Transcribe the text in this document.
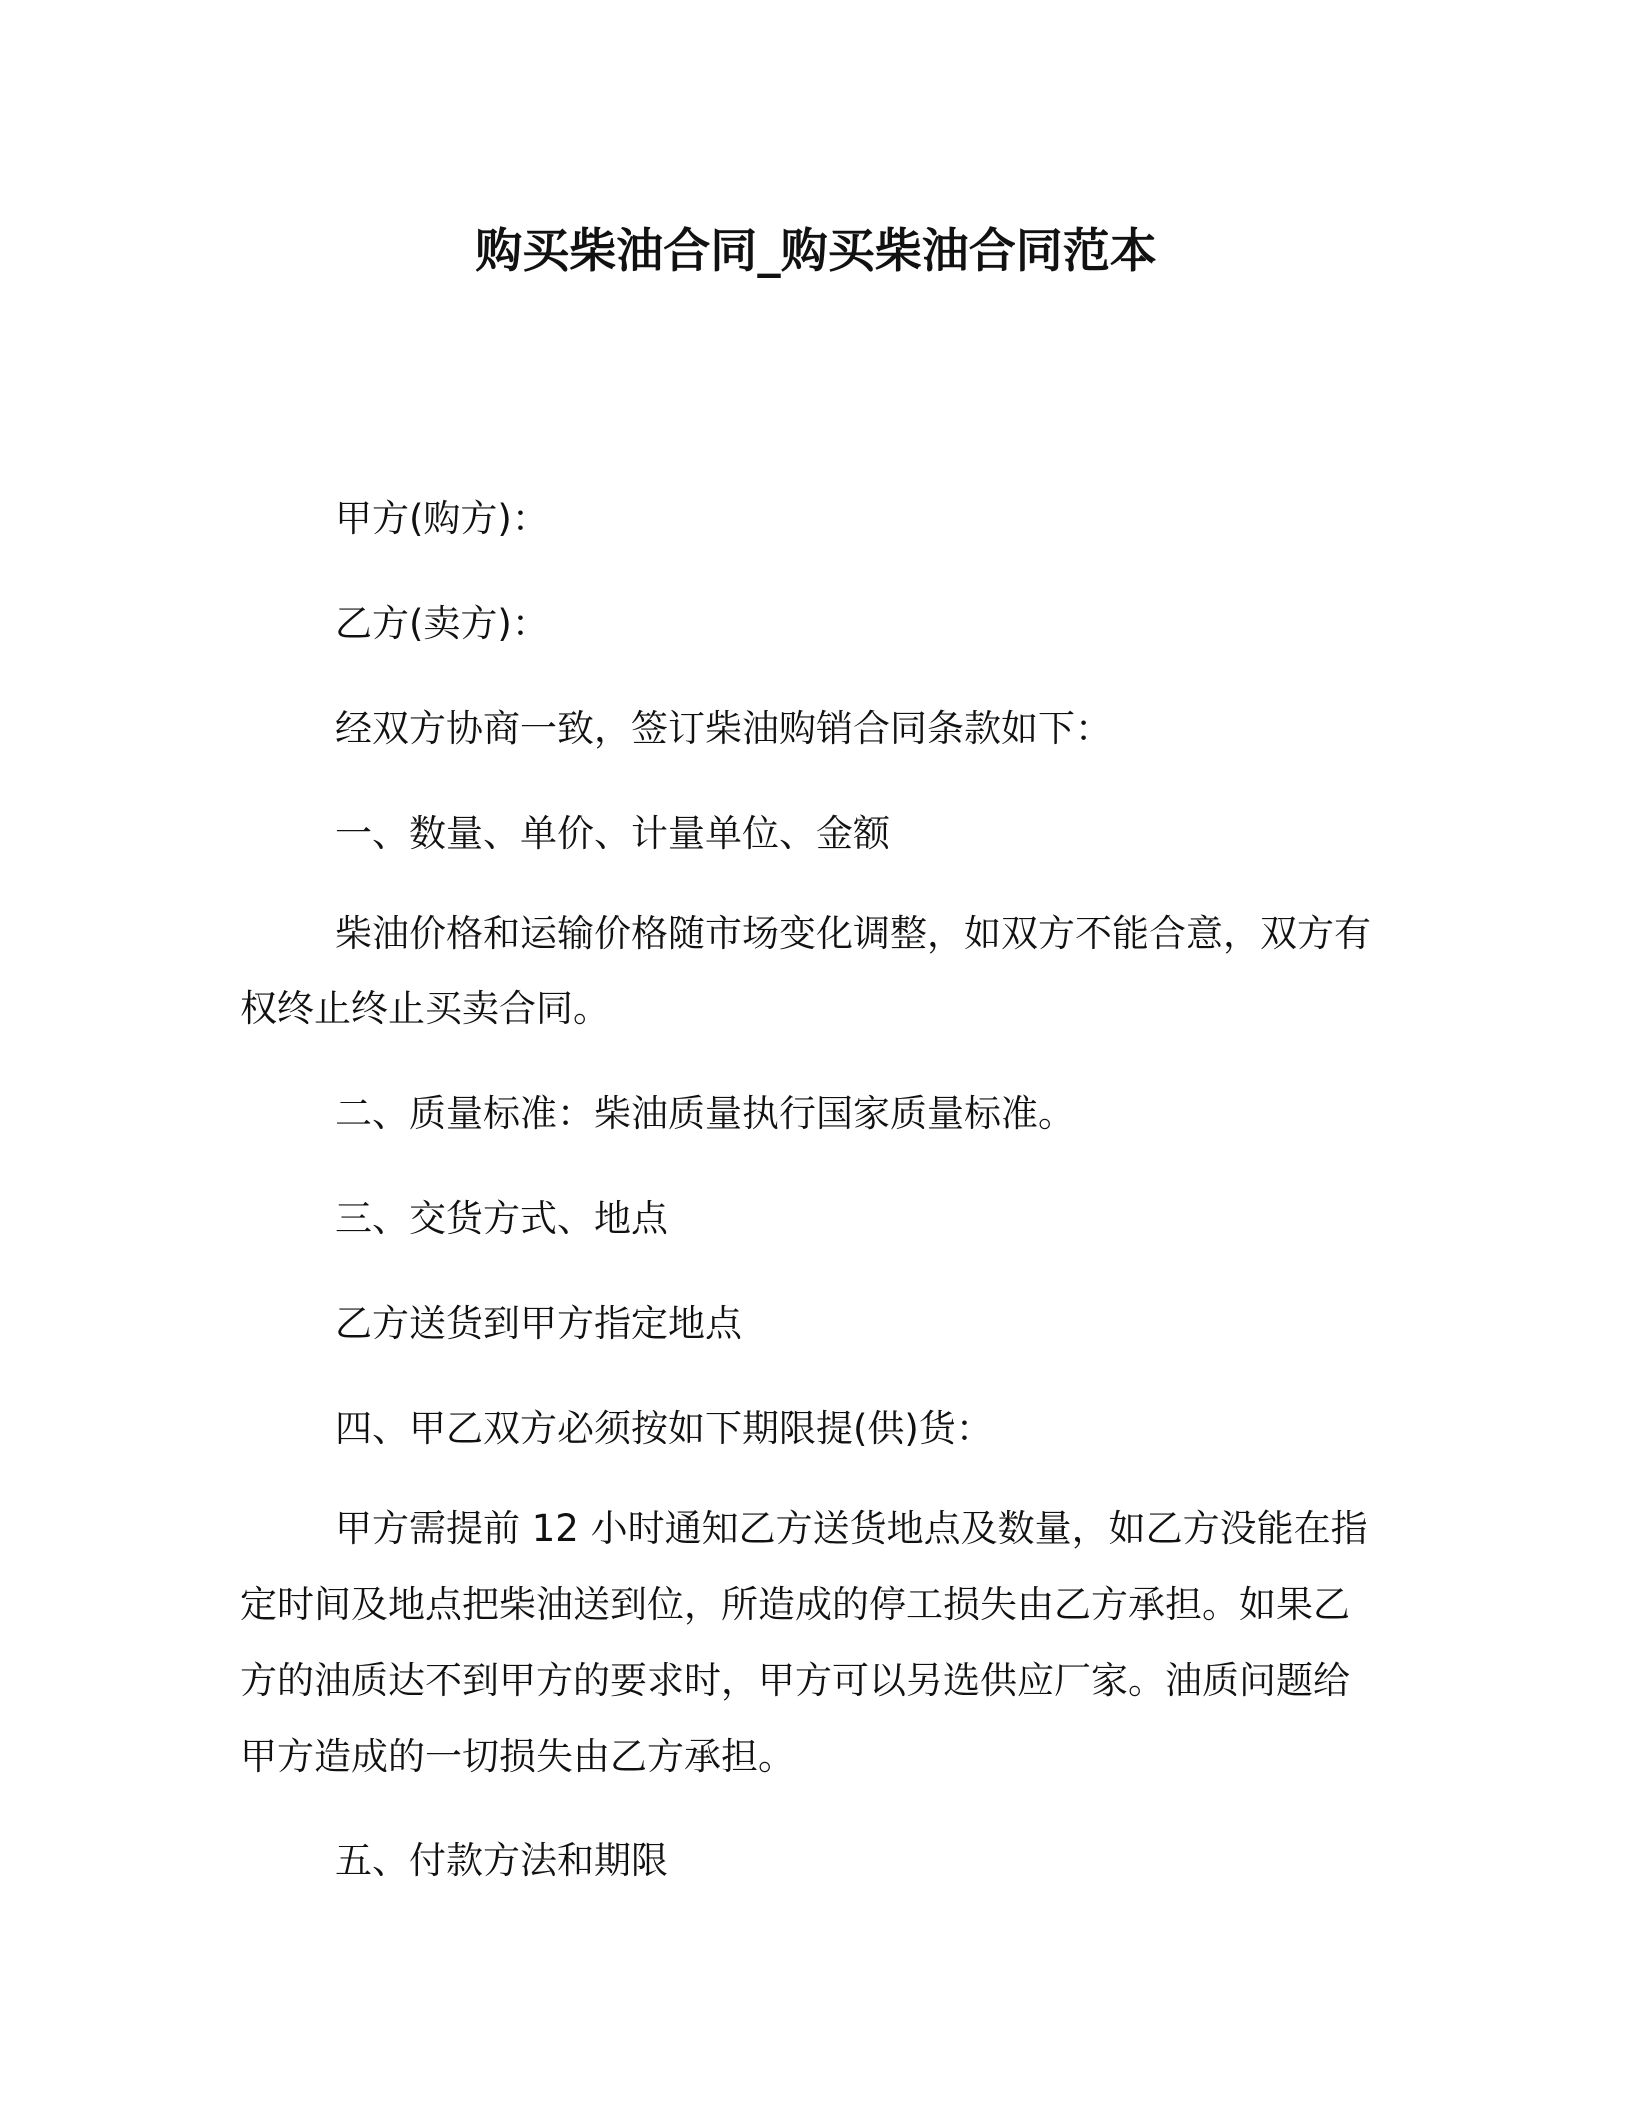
购买柴油合同_购买柴油合同范本

甲方(购方)：

乙方(卖方)：

经双方协商一致，签订柴油购销合同条款如下：

一、数量、单价、计量单位、金额

柴油价格和运输价格随市场变化调整，如双方不能合意，双方有

权终止终止买卖合同。

二、质量标准：柴油质量执行国家质量标准。

三、交货方式、地点

乙方送货到甲方指定地点

四、甲乙双方必须按如下期限提(供)货：

甲方需提前 12 小时通知乙方送货地点及数量，如乙方没能在指

定时间及地点把柴油送到位，所造成的停工损失由乙方承担。如果乙

方的油质达不到甲方的要求时，甲方可以另选供应厂家。油质问题给

甲方造成的一切损失由乙方承担。

五、付款方法和期限
